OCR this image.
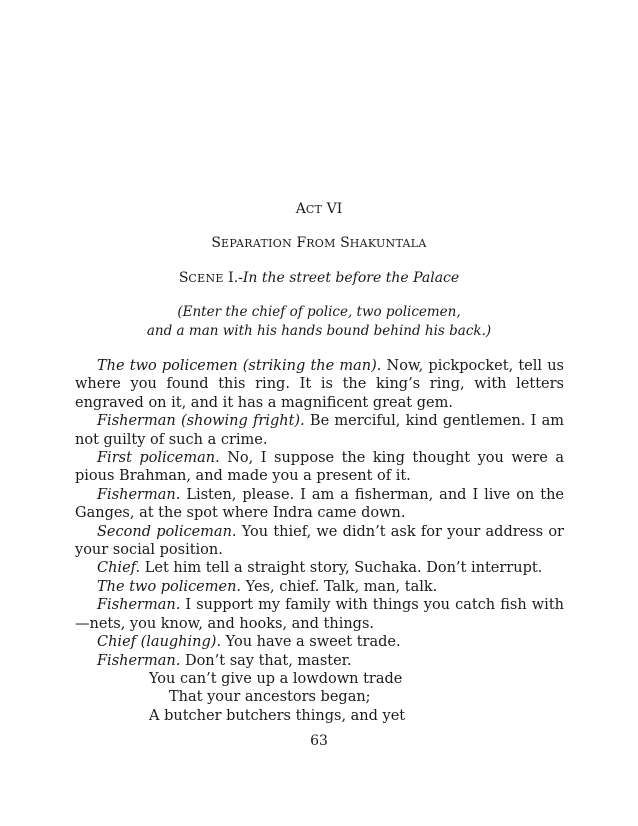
ACT VI
SEPARATION FROM SHAKUNTALA
SCENE I.-In the street before the Palace
(Enter the chief of police, two policemen,
and a man with his hands bound behind his back.)

The two policemen (striking the man). Now, pickpocket, tell us where you found this ring. It is the king’s ring, with letters engraved on it, and it has a magnificent great gem.

Fisherman (showing fright). Be merciful, kind gentlemen. I am not guilty of such a crime.

First policeman. No, I suppose the king thought you were a pious Brahman, and made you a present of it.

Fisherman. Listen, please. I am a fisherman, and I live on the Ganges, at the spot where Indra came down.

Second policeman. You thief, we didn’t ask for your address or your social position.

Chief. Let him tell a straight story, Suchaka. Don’t interrupt.

The two policemen. Yes, chief. Talk, man, talk.

Fisherman. I support my family with things you catch fish with—nets, you know, and hooks, and things.

Chief (laughing). You have a sweet trade.

Fisherman. Don’t say that, master.

You can’t give up a lowdown trade

That your ancestors began;

A butcher butchers things, and yet

63
